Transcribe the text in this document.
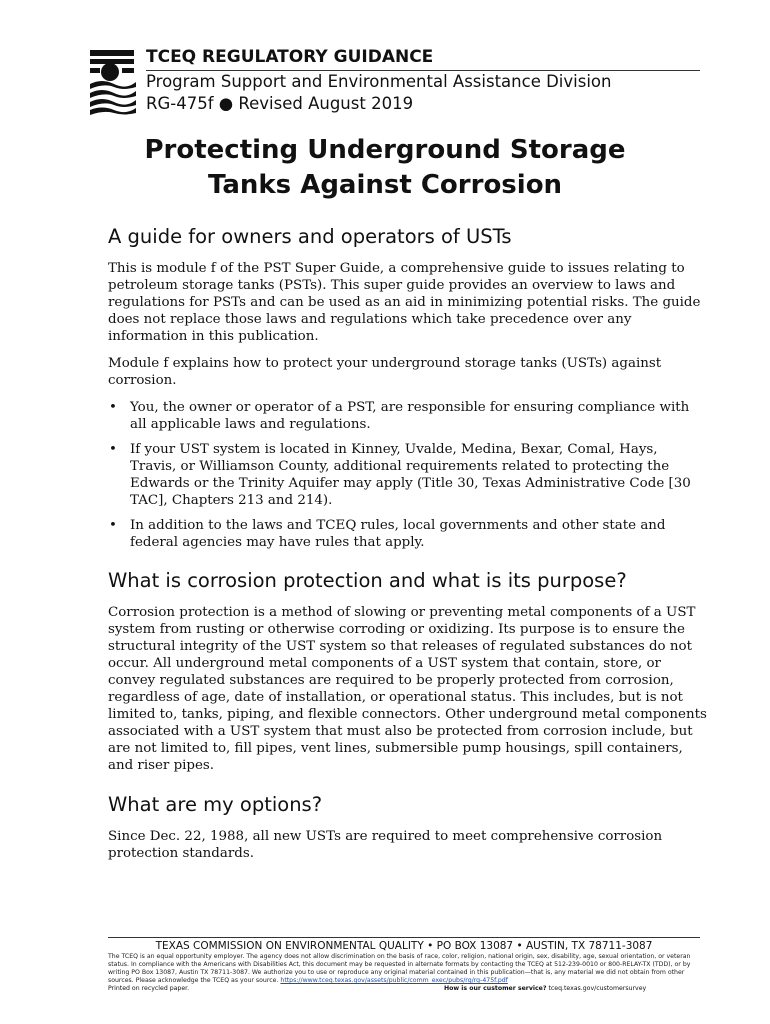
TCEQ REGULATORY GUIDANCE
Program Support and Environmental Assistance Division
RG-475f ● Revised August 2019
Protecting Underground Storage
Tanks Against Corrosion
A guide for owners and operators of USTs

This is module f of the PST Super Guide, a comprehensive guide to issues relating to petroleum storage tanks (PSTs). This super guide provides an overview to laws and regulations for PSTs and can be used as an aid in minimizing potential risks. The guide does not replace those laws and regulations which take precedence over any information in this publication.

Module f explains how to protect your underground storage tanks (USTs) against corrosion.

• You, the owner or operator of a PST, are responsible for ensuring compliance with all applicable laws and regulations.
• If your UST system is located in Kinney, Uvalde, Medina, Bexar, Comal, Hays, Travis, or Williamson County, additional requirements related to protecting the Edwards or the Trinity Aquifer may apply (Title 30, Texas Administrative Code [30 TAC], Chapters 213 and 214).
• In addition to the laws and TCEQ rules, local governments and other state and federal agencies may have rules that apply.
What is corrosion protection and what is its purpose?

Corrosion protection is a method of slowing or preventing metal components of a UST system from rusting or otherwise corroding or oxidizing. Its purpose is to ensure the structural integrity of the UST system so that releases of regulated substances do not occur. All underground metal components of a UST system that contain, store, or convey regulated substances are required to be properly protected from corrosion, regardless of age, date of installation, or operational status. This includes, but is not limited to, tanks, piping, and flexible connectors. Other underground metal components associated with a UST system that must also be protected from corrosion include, but are not limited to, fill pipes, vent lines, submersible pump housings, spill containers, and riser pipes.

What are my options?

Since Dec. 22, 1988, all new USTs are required to meet comprehensive corrosion protection standards.

TEXAS COMMISSION ON ENVIRONMENTAL QUALITY • PO BOX 13087 • AUSTIN, TX 78711-3087
The TCEQ is an equal opportunity employer. The agency does not allow discrimination on the basis of race, color, religion, national origin, sex, disability, age, sexual orientation, or veteran status. In compliance with the Americans with Disabilities Act, this document may be requested in alternate formats by contacting the TCEQ at 512-239-0010 or 800-RELAY-TX (TDD), or by writing PO Box 13087, Austin TX 78711-3087. We authorize you to use or reproduce any original material contained in this publication—that is, any material we did not obtain from other sources. Please acknowledge the TCEQ as your source. https://www.tceq.texas.gov/assets/public/comm_exec/pubs/rg/rg-475f.pdf
Printed on recycled paper.	How is our customer service? tceq.texas.gov/customersurvey
